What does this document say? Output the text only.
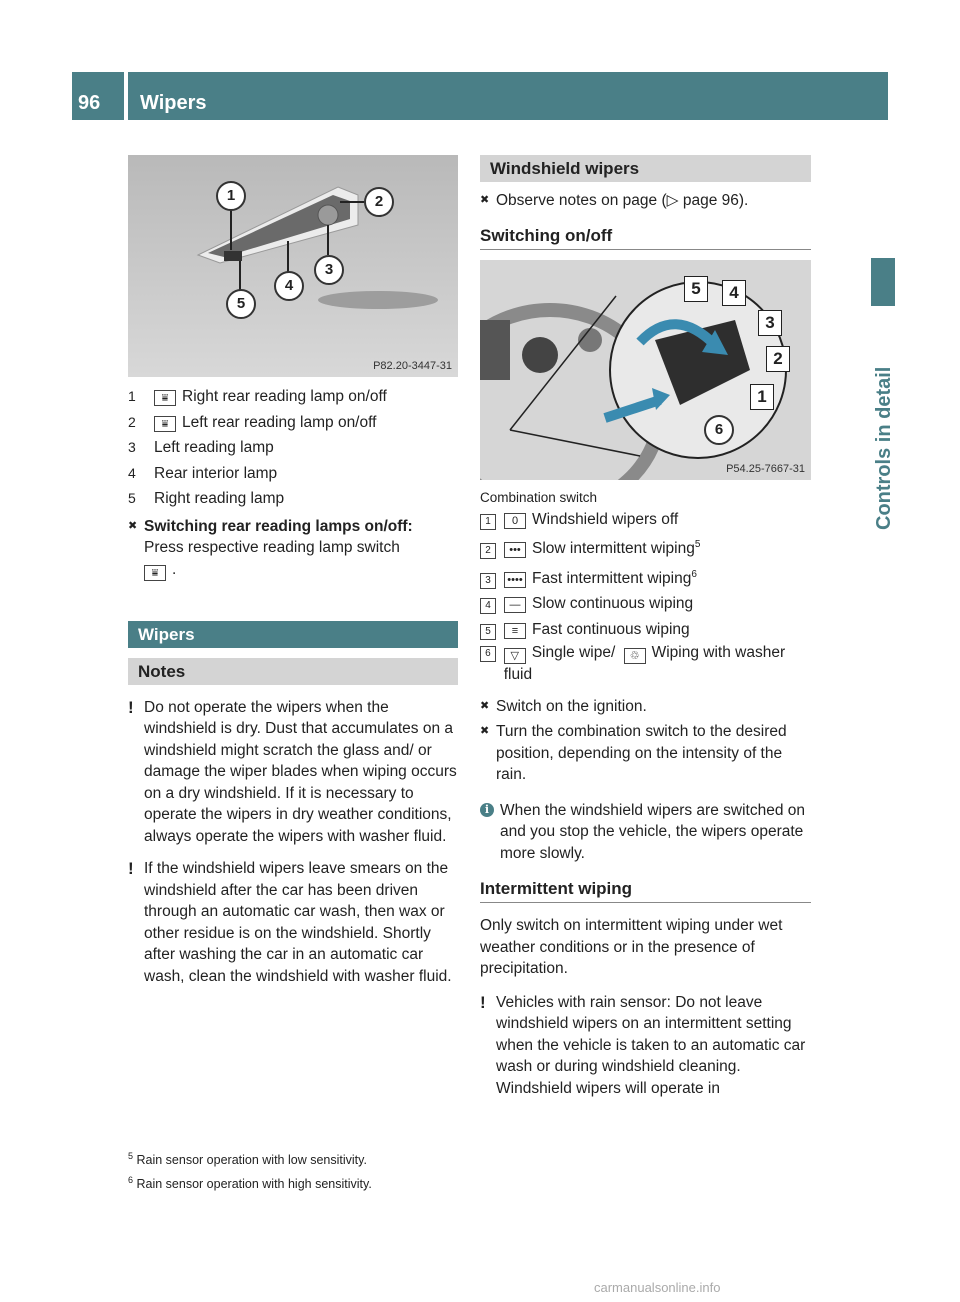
96	Wipers
Controls in detail
1	2
3
4
5
P82.20-3447-31
1	⩸ Right rear reading lamp on/off
2	⩸ Left rear reading lamp on/off
3	Left reading lamp
4	Rear interior lamp
5	Right reading lamp
✖ Switching rear reading lamps on/off:
Press respective reading lamp switch
⩸ .
Wipers
Notes
! Do not operate the wipers when the windshield is dry. Dust that accumulates on a windshield might scratch the glass and/ or damage the wiper blades when wiping occurs on a dry windshield. If it is necessary to operate the wipers in dry weather conditions, always operate the wipers with washer fluid.
! If the windshield wipers leave smears on the windshield after the car has been driven through an automatic car wash, then wax or other residue is on the windshield. Shortly after washing the car in an automatic car wash, clean the windshield with washer fluid.
Windshield wipers
✖ Observe notes on page (▷ page 96).
Switching on/off
5	4
3
2
1
6
P54.25-7667-31
Combination switch
1	0 Windshield wipers off
2	••• Slow intermittent wiping$^5$
3	•••• Fast intermittent wiping$^6$
4	— Slow continuous wiping
5	≡ Fast continuous wiping
6	▽ Single wipe/ ♲ Wiping with washer fluid
✖ Switch on the ignition.
✖ Turn the combination switch to the desired position, depending on the intensity of the rain.
i When the windshield wipers are switched on and you stop the vehicle, the wipers operate more slowly.
Intermittent wiping
Only switch on intermittent wiping under wet weather conditions or in the presence of precipitation.
! Vehicles with rain sensor: Do not leave windshield wipers on an intermittent setting when the vehicle is taken to an automatic car wash or during windshield cleaning. Windshield wipers will operate in
$^5$ Rain sensor operation with low sensitivity.
$^6$ Rain sensor operation with high sensitivity.
carmanualsonline.info
